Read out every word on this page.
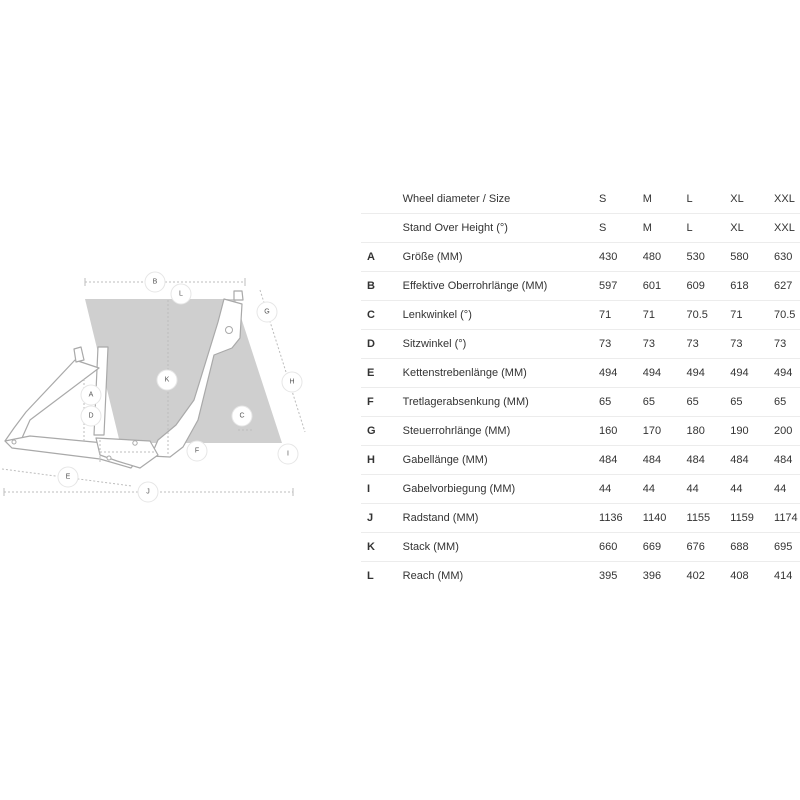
B
L
G
H
K
C
A
D
F	I
E
J
	Wheel diameter / Size	S	M	L	XL	XXL
	Stand Over Height (°)	S	M	L	XL	XXL
A	Größe (MM)	430	480	530	580	630
B	Effektive Oberrohrlänge (MM)	597	601	609	618	627
C	Lenkwinkel (°)	71	71	70.5	71	70.5
D	Sitzwinkel (°)	73	73	73	73	73
E	Kettenstrebenlänge (MM)	494	494	494	494	494
F	Tretlagerabsenkung (MM)	65	65	65	65	65
G	Steuerrohrlänge (MM)	160	170	180	190	200
H	Gabellänge (MM)	484	484	484	484	484
I	Gabelvorbiegung (MM)	44	44	44	44	44
J	Radstand (MM)	1136	1140	1155	1159	1174
K	Stack (MM)	660	669	676	688	695
L	Reach (MM)	395	396	402	408	414
